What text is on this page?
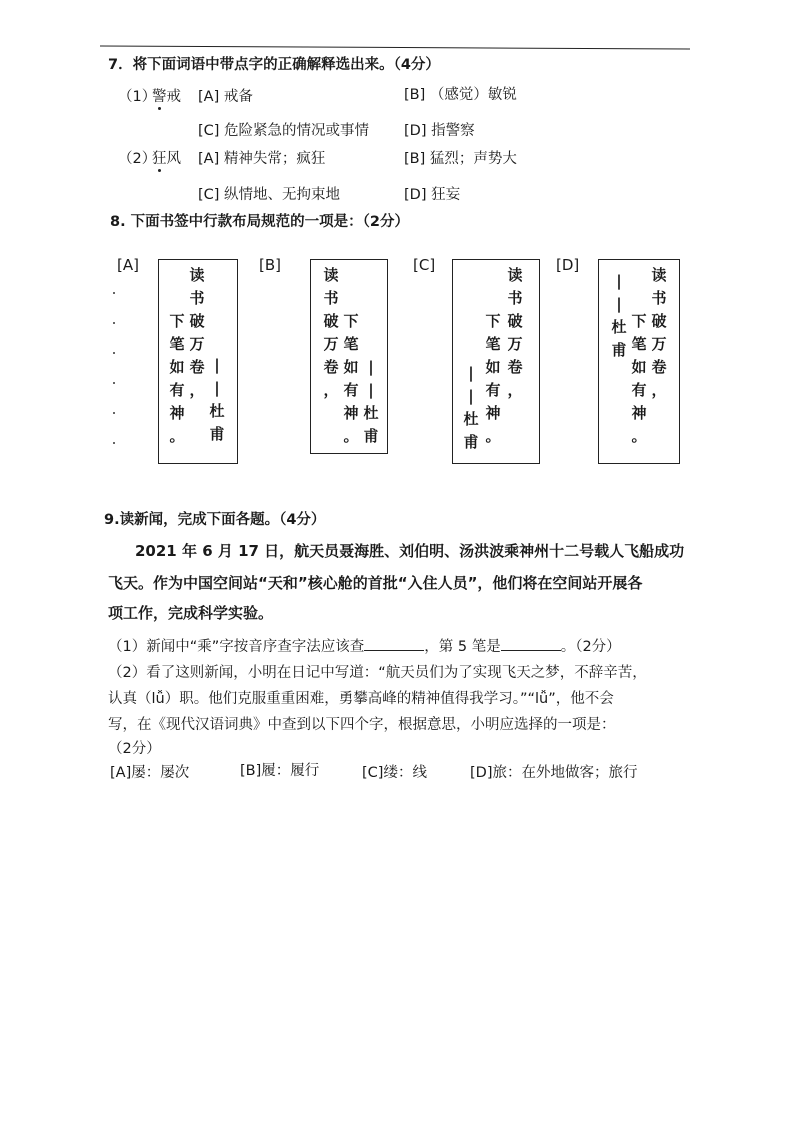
7．将下面词语中带点字的正确解释选出来。（4分）
（1）
警戒 [A] 戒备	[B] （感觉）敏锐
[C] 危险紧急的情况或事情 [D] 指警察
（2）
狂风 [A] 精神失常；疯狂	[B] 猛烈；声势大
[C] 纵情地、无拘束地	[D] 狂妄
8. 下面书签中行款布局规范的一项是：（2分）
[A]
读
书
破
万
卷
，
下
笔
如
有
神
。
|
|
杜
甫
[B]
读
书
破
万
卷
，
下
笔
如
有
神
。
|
|
杜
甫
[C]
读
书
破
万
卷
，
下
笔
如
有
神
。
|
|
杜
甫
[D]
读
书
破
万
卷
，
下
笔
如
有
神
。
|
|
杜
甫
9.读新闻，完成下面各题。（4分）
2021 年 6 月 17 日，航天员聂海胜、刘伯明、汤洪波乘神州十二号载人飞船成功
飞天。作为中国空间站“天和”核心舱的首批“入住人员”，他们将在空间站开展各
项工作，完成科学实验。
（1）新闻中“乘”字按音序查字法应该查	，第 5 笔是	。（2分）
（2）看了这则新闻，小明在日记中写道：“航天员们为了实现飞天之梦，不辞辛苦，
认真（lǚ）职。他们克服重重困难，勇攀高峰的精神值得我学习。”“lǚ”，他不会
写，在《现代汉语词典》中查到以下四个字，根据意思，小明应选择的一项是：
（2分）
[A]屡：屡次	[B]履：履行	[C]缕：线	[D]旅：在外地做客；旅行
